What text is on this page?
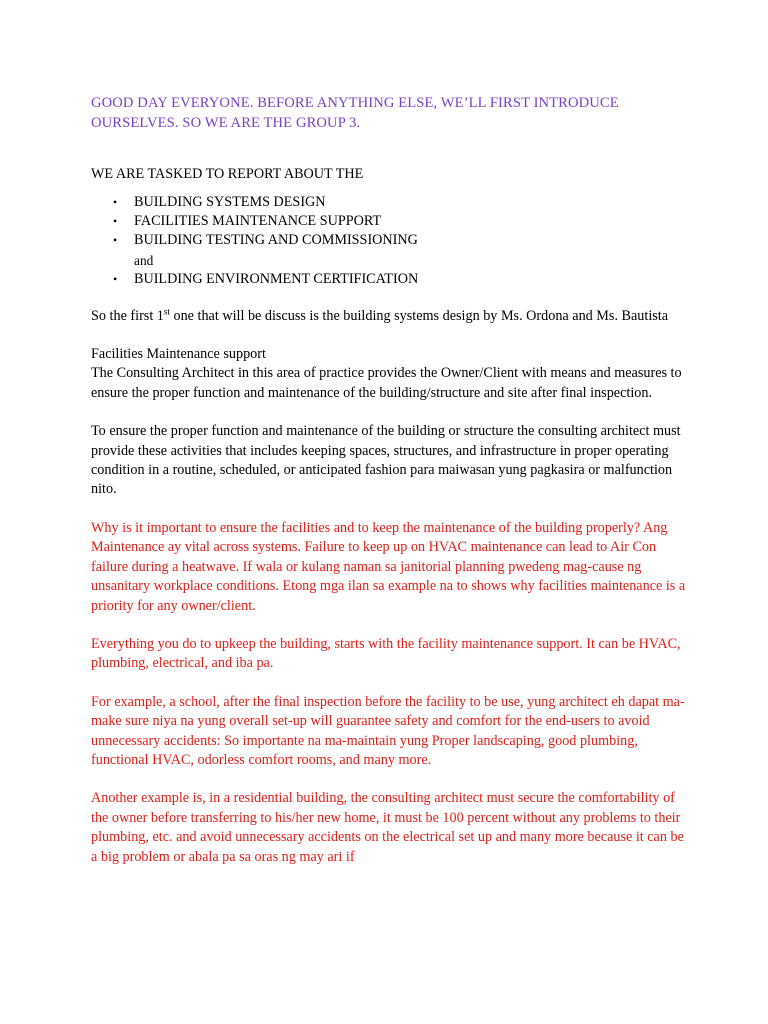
GOOD DAY EVERYONE. BEFORE ANYTHING ELSE, WE’LL FIRST INTRODUCE OURSELVES. SO WE ARE THE GROUP 3.

WE ARE TASKED TO REPORT ABOUT THE

• BUILDING SYSTEMS DESIGN
• FACILITIES MAINTENANCE SUPPORT
• BUILDING TESTING AND COMMISSIONING
and
• BUILDING ENVIRONMENT CERTIFICATION

So the first 1st one that will be discuss is the building systems design by Ms. Ordona and Ms. Bautista

Facilities Maintenance support

The Consulting Architect in this area of practice provides the Owner/Client with means and measures to ensure the proper function and maintenance of the building/structure and site after final inspection.

To ensure the proper function and maintenance of the building or structure the consulting architect must provide these activities that includes keeping spaces, structures, and infrastructure in proper operating condition in a routine, scheduled, or anticipated fashion para maiwasan yung pagkasira or malfunction nito.

Why is it important to ensure the facilities and to keep the maintenance of the building properly? Ang Maintenance ay vital across systems. Failure to keep up on HVAC maintenance can lead to Air Con failure during a heatwave. If wala or kulang naman sa janitorial planning pwedeng mag-cause ng unsanitary workplace conditions. Etong mga ilan sa example na to shows why facilities maintenance is a priority for any owner/client.

Everything you do to upkeep the building, starts with the facility maintenance support. It can be HVAC, plumbing, electrical, and iba pa.

For example, a school, after the final inspection before the facility to be use, yung architect eh dapat ma-make sure niya na yung overall set-up will guarantee safety and comfort for the end-users to avoid unnecessary accidents: So importante na ma-maintain yung Proper landscaping, good plumbing, functional HVAC, odorless comfort rooms, and many more.

Another example is, in a residential building, the consulting architect must secure the comfortability of the owner before transferring to his/her new home, it must be 100 percent without any problems to their plumbing, etc. and avoid unnecessary accidents on the electrical set up and many more because it can be a big problem or abala pa sa oras ng may ari if
